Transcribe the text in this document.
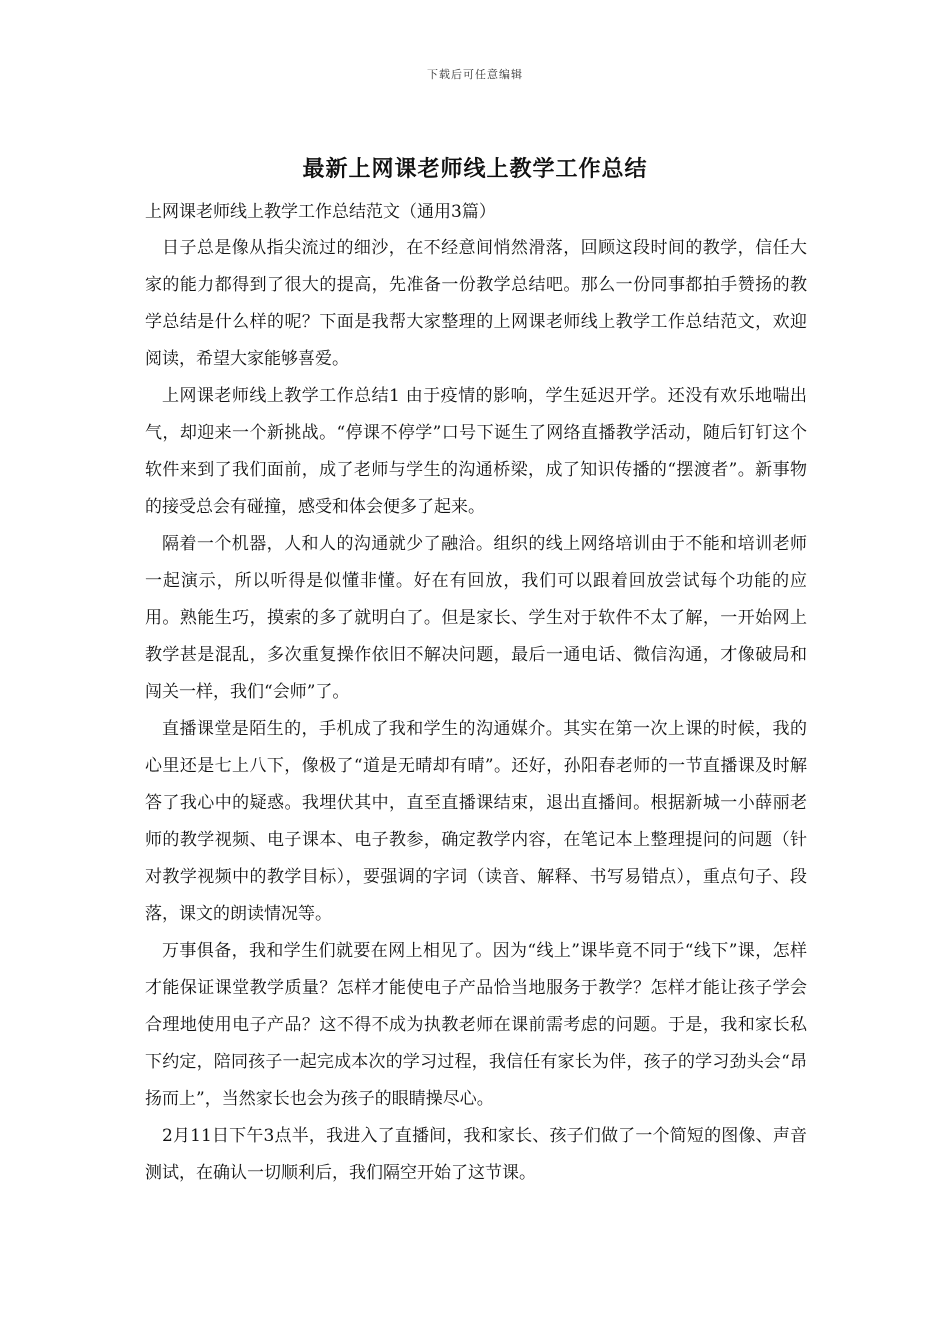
下载后可任意编辑
最新上网课老师线上教学工作总结
上网课老师线上教学工作总结范文（通用3篇）

日子总是像从指尖流过的细沙，在不经意间悄然滑落，回顾这段时间的教学，信任大家的能力都得到了很大的提高，先准备一份教学总结吧。那么一份同事都拍手赞扬的教学总结是什么样的呢？下面是我帮大家整理的上网课老师线上教学工作总结范文，欢迎阅读，希望大家能够喜爱。

上网课老师线上教学工作总结1 由于疫情的影响，学生延迟开学。还没有欢乐地喘出气，却迎来一个新挑战。“停课不停学”口号下诞生了网络直播教学活动，随后钉钉这个软件来到了我们面前，成了老师与学生的沟通桥梁，成了知识传播的“摆渡者”。新事物的接受总会有碰撞，感受和体会便多了起来。

隔着一个机器，人和人的沟通就少了融洽。组织的线上网络培训由于不能和培训老师一起演示，所以听得是似懂非懂。好在有回放，我们可以跟着回放尝试每个功能的应用。熟能生巧，摸索的多了就明白了。但是家长、学生对于软件不太了解，一开始网上教学甚是混乱，多次重复操作依旧不解决问题，最后一通电话、微信沟通，才像破局和闯关一样，我们“会师”了。

直播课堂是陌生的，手机成了我和学生的沟通媒介。其实在第一次上课的时候，我的心里还是七上八下，像极了“道是无晴却有晴”。还好，孙阳春老师的一节直播课及时解答了我心中的疑惑。我埋伏其中，直至直播课结束，退出直播间。根据新城一小薛丽老师的教学视频、电子课本、电子教参，确定教学内容，在笔记本上整理提问的问题（针对教学视频中的教学目标），要强调的字词（读音、解释、书写易错点），重点句子、段落，课文的朗读情况等。

万事俱备，我和学生们就要在网上相见了。因为“线上”课毕竟不同于“线下”课，怎样才能保证课堂教学质量？怎样才能使电子产品恰当地服务于教学？怎样才能让孩子学会合理地使用电子产品？这不得不成为执教老师在课前需考虑的问题。于是，我和家长私下约定，陪同孩子一起完成本次的学习过程，我信任有家长为伴，孩子的学习劲头会“昂扬而上”，当然家长也会为孩子的眼睛操尽心。

2月11日下午3点半，我进入了直播间，我和家长、孩子们做了一个简短的图像、声音测试，在确认一切顺利后，我们隔空开始了这节课。
